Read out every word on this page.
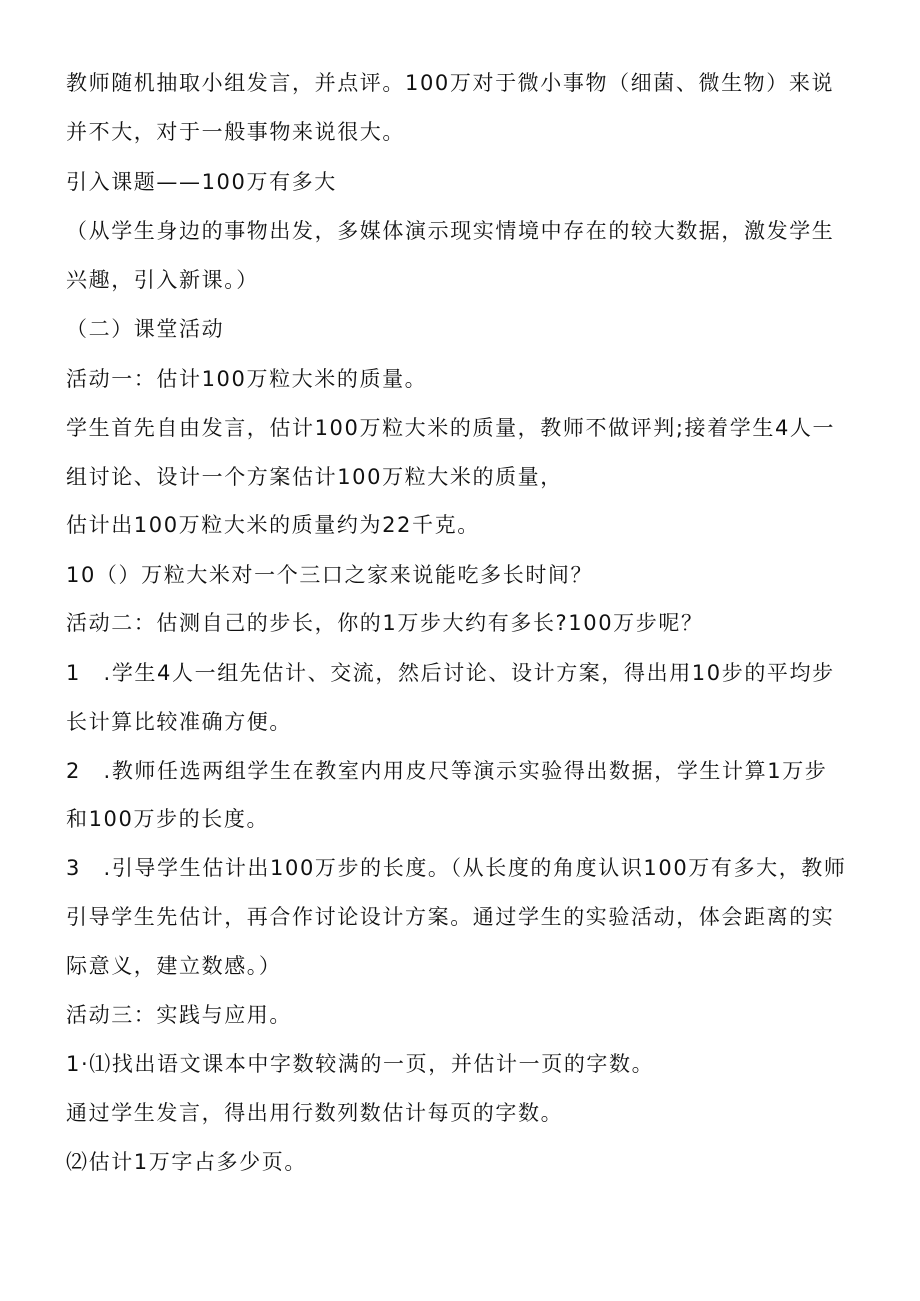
教师随机抽取小组发言，并点评。100万对于微小事物（细菌、微生物）来说
并不大，对于一般事物来说很大。
引入课题——100万有多大
（从学生身边的事物出发，多媒体演示现实情境中存在的较大数据，激发学生
兴趣，引入新课。）
（二）课堂活动
活动一：估计100万粒大米的质量。
学生首先自由发言，估计100万粒大米的质量，教师不做评判;接着学生4人一
组讨论、设计一个方案估计100万粒大米的质量，
估计出100万粒大米的质量约为22千克。
10（）万粒大米对一个三口之家来说能吃多长时间？
活动二：估测自己的步长，你的1万步大约有多长?100万步呢？
1　.学生4人一组先估计、交流，然后讨论、设计方案，得出用10步的平均步
长计算比较准确方便。
2　.教师任选两组学生在教室内用皮尺等演示实验得出数据，学生计算1万步
和100万步的长度。
3　.引导学生估计出100万步的长度。（从长度的角度认识100万有多大，教师
引导学生先估计，再合作讨论设计方案。通过学生的实验活动，体会距离的实
际意义，建立数感。）
活动三：实践与应用。
1·⑴找出语文课本中字数较满的一页，并估计一页的字数。
通过学生发言，得出用行数列数估计每页的字数。
⑵估计1万字占多少页。
